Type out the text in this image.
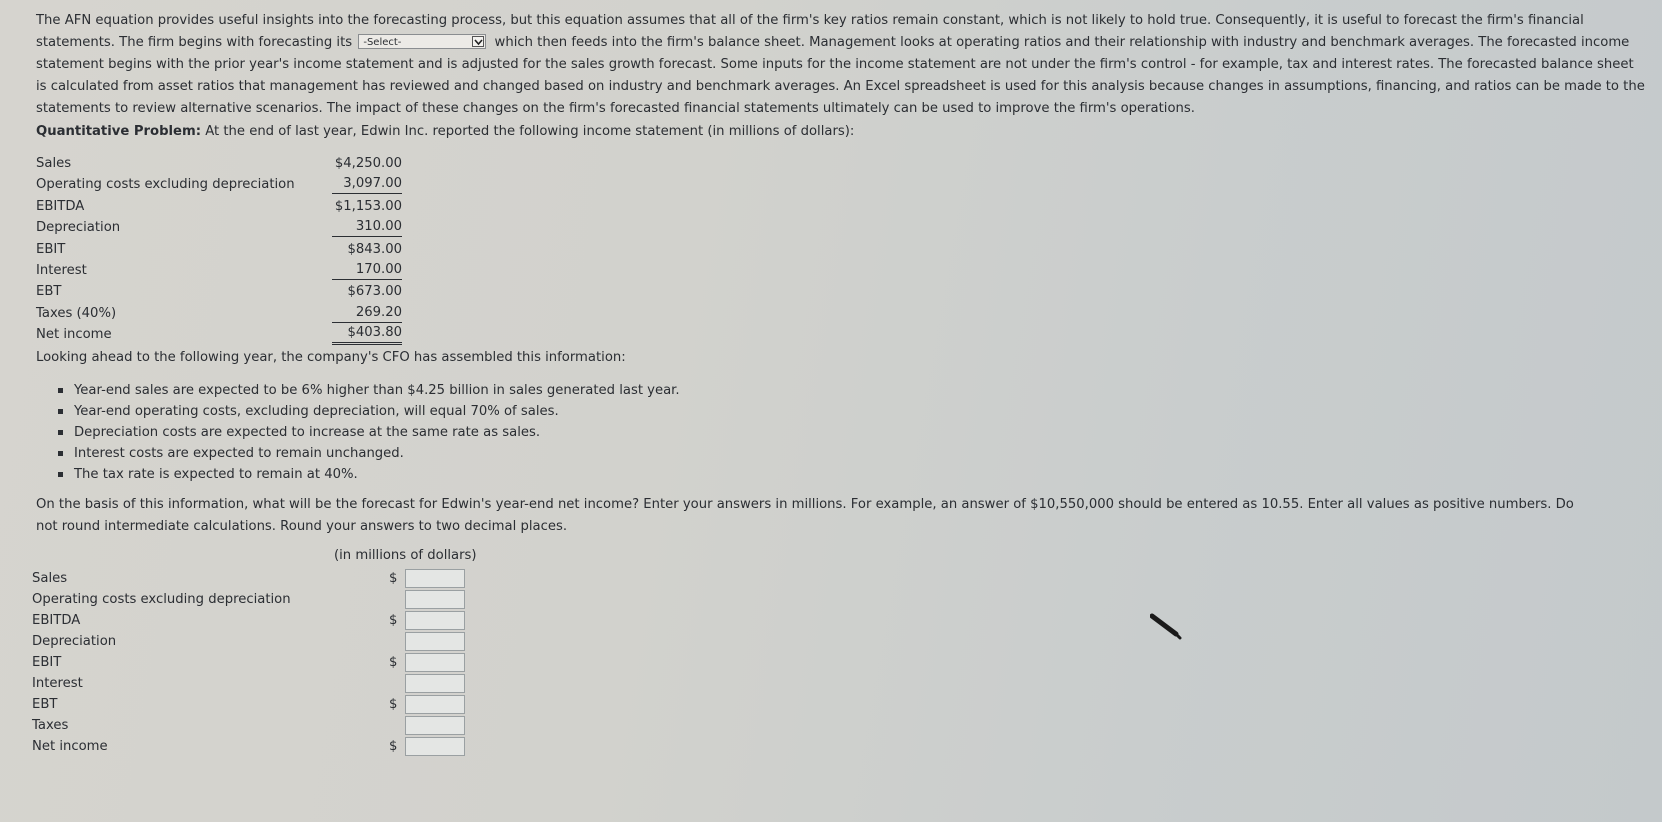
The AFN equation provides useful insights into the forecasting process, but this equation assumes that all of the firm's key ratios remain constant, which is not likely to hold true. Consequently, it is useful to forecast the firm's financial statements. The firm begins with forecasting its -Select-	which then feeds into the firm's balance sheet. Management looks at operating ratios and their relationship with industry and benchmark averages. The forecasted income statement begins with the prior year's income statement and is adjusted for the sales growth forecast. Some inputs for the income statement are not under the firm's control - for example, tax and interest rates. The forecasted balance sheet is calculated from asset ratios that management has reviewed and changed based on industry and benchmark averages. An Excel spreadsheet is used for this analysis because changes in assumptions, financing, and ratios can be made to the statements to review alternative scenarios. The impact of these changes on the firm's forecasted financial statements ultimately can be used to improve the firm's operations.

Quantitative Problem: At the end of last year, Edwin Inc. reported the following income statement (in millions of dollars):

Sales	$4,250.00
Operating costs excluding depreciation	3,097.00
EBITDA	$1,153.00
Depreciation	310.00
EBIT	$843.00
Interest	170.00
EBT	$673.00
Taxes (40%)	269.20
Net income	$403.80

Looking ahead to the following year, the company's CFO has assembled this information:

Year-end sales are expected to be 6% higher than $4.25 billion in sales generated last year.
Year-end operating costs, excluding depreciation, will equal 70% of sales.
Depreciation costs are expected to increase at the same rate as sales.
Interest costs are expected to remain unchanged.
The tax rate is expected to remain at 40%.

On the basis of this information, what will be the forecast for Edwin's year-end net income? Enter your answers in millions. For example, an answer of $10,550,000 should be entered as 10.55. Enter all values as positive numbers. Do not round intermediate calculations. Round your answers to two decimal places.

(in millions of dollars)
Sales	$
Operating costs excluding depreciation
EBITDA	$
Depreciation
EBIT	$
Interest
EBT	$
Taxes
Net income	$
